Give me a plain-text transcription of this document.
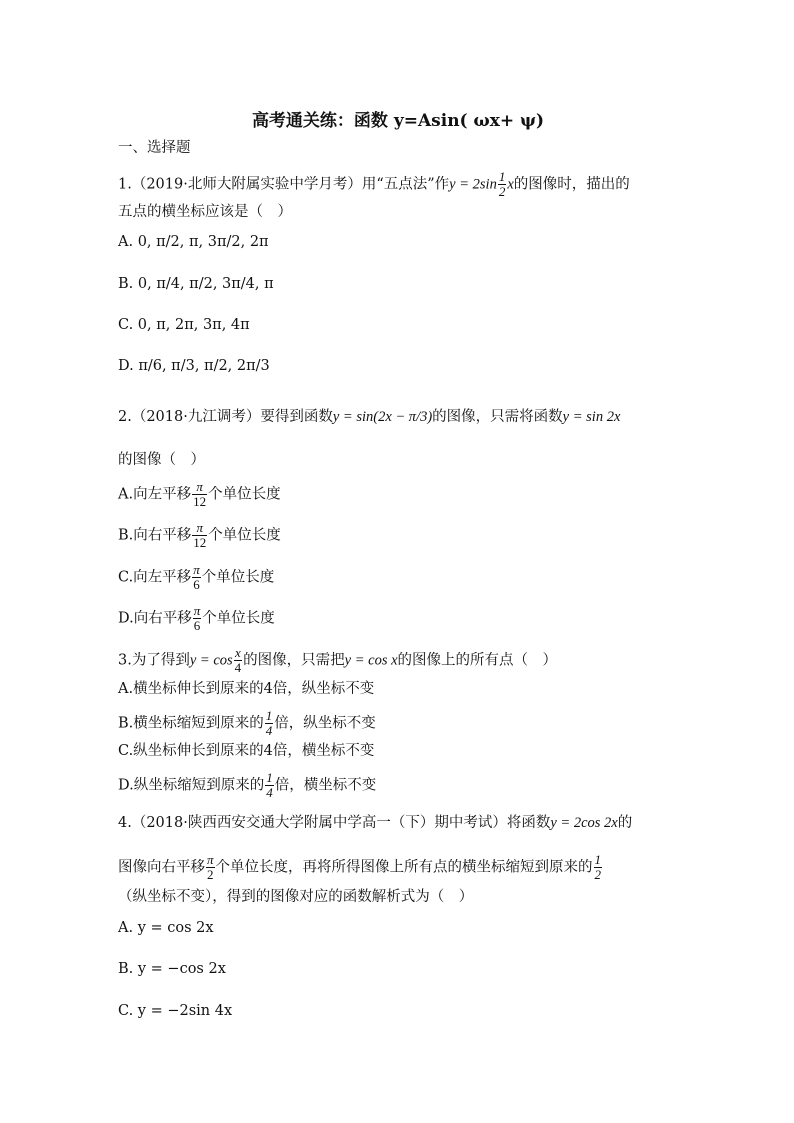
高考通关练：函数 y=Asin( ωx+ ψ)
一、选择题
1.（2019·北师大附属实验中学月考）用“五点法”作$y = 2\sin \frac{1}{2}$ x的图像时，描出的
五点的横坐标应该是（　）
A. 0, π/2, π, 3π/2, 2π
B. 0, π/4, π/2, 3π/4, π
C. 0, π, 2π, 3π, 4π
D. π/6, π/3, π/2, 2π/3
2.（2018·九江调考）要得到函数y = sin(2x − π/3)的图像，只需将函数y = sin 2x
的图像（　）
A.向左平移 $\frac{\pi}{12}$ 个单位长度
B.向右平移 $\frac{\pi}{12}$ 个单位长度
C.向左平移 $\frac{\pi}{6}$ 个单位长度
D.向右平移 $\frac{\pi}{6}$ 个单位长度
3.为了得到$y = \cos \frac{x}{4}$ 的图像，只需把y = cos x的图像上的所有点（　）
A.横坐标伸长到原来的4倍，纵坐标不变
B.横坐标缩短到原来的 $\frac{1}{4}$ 倍，纵坐标不变
C.纵坐标伸长到原来的4倍，横坐标不变
D.纵坐标缩短到原来的 $\frac{1}{4}$ 倍，横坐标不变
4.（2018·陕西西安交通大学附属中学高一（下）期中考试）将函数y = 2cos 2x的
图像向右平移 $\frac{\pi}{2}$ 个单位长度，再将所得图像上所有点的横坐标缩短到原来的 $\frac{1}{2}$
（纵坐标不变），得到的图像对应的函数解析式为（　）
A. y = cos 2x
B. y = −cos 2x
C. y = −2sin 4x
